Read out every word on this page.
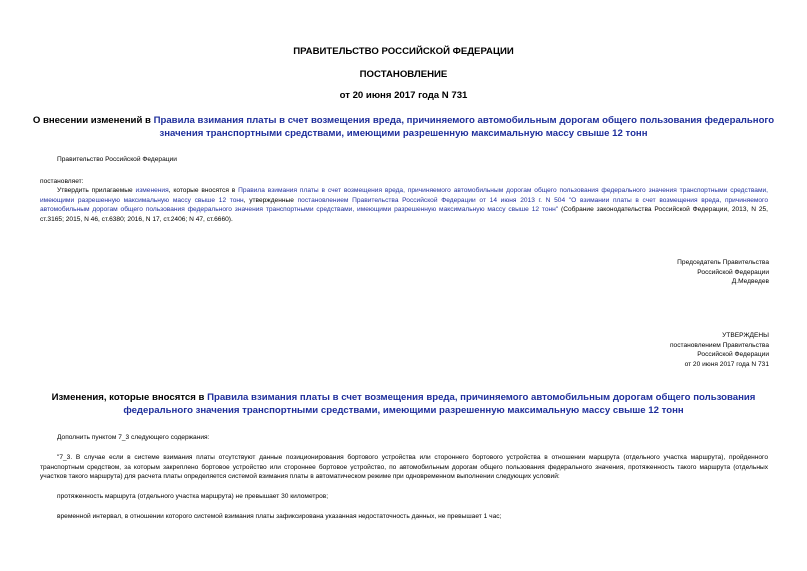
ПРАВИТЕЛЬСТВО РОССИЙСКОЙ ФЕДЕРАЦИИ
ПОСТАНОВЛЕНИЕ
от 20 июня 2017 года N 731
О внесении изменений в Правила взимания платы в счет возмещения вреда, причиняемого автомобильным дорогам общего пользования федерального значения транспортными средствами, имеющими разрешенную максимальную массу свыше 12 тонн
Правительство Российской Федерации
постановляет:
Утвердить прилагаемые изменения, которые вносятся в Правила взимания платы в счет возмещения вреда, причиняемого автомобильным дорогам общего пользования федерального значения транспортными средствами, имеющими разрешенную максимальную массу свыше 12 тонн, утвержденные постановлением Правительства Российской Федерации от 14 июня 2013 г. N 504 "О взимании платы в счет возмещения вреда, причиняемого автомобильным дорогам общего пользования федерального значения транспортными средствами, имеющими разрешенную максимальную массу свыше 12 тонн" (Собрание законодательства Российской Федерации, 2013, N 25, ст.3165; 2015, N 46, ст.6380; 2016, N 17, ст.2406; N 47, ст.6660).
Председатель Правительства
Российской Федерации
Д.Медведев
УТВЕРЖДЕНЫ
постановлением Правительства
Российской Федерации
от 20 июня 2017 года N 731
Изменения, которые вносятся в Правила взимания платы в счет возмещения вреда, причиняемого автомобильным дорогам общего пользования федерального значения транспортными средствами, имеющими разрешенную максимальную массу свыше 12 тонн
Дополнить пунктом 7_3 следующего содержания:
"7_3. В случае если в системе взимания платы отсутствуют данные позиционирования бортового устройства или стороннего бортового устройства в отношении маршрута (отдельного участка маршрута), пройденного транспортным средством, за которым закреплено бортовое устройство или стороннее бортовое устройство, по автомобильным дорогам общего пользования федерального значения, протяженность такого маршрута (отдельных участков такого маршрута) для расчета платы определяется системой взимания платы в автоматическом режиме при одновременном выполнении следующих условий:
протяженность маршрута (отдельного участка маршрута) не превышает 30 километров;
временной интервал, в отношении которого системой взимания платы зафиксирована указанная недостаточность данных, не превышает 1 час;
